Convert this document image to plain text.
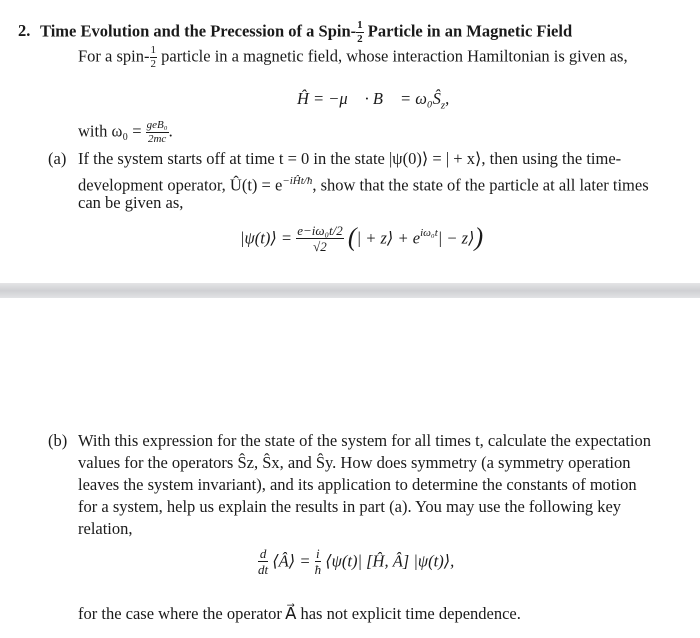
2. Time Evolution and the Precession of a Spin- $\frac{1}{2}$ Particle in an Magnetic Field
For a spin- $\frac{1}{2}$ particle in a magnetic field, whose interaction Hamiltonian is given as,
Ĥ = −μ⃗ · B⃗ = $\omega_0Ŝ_z$,
with $\omega_0 = \frac{\text{geB₀}}{2mc}$ .
(a) If the system starts off at time t = 0 in the state |ψ(0)⟩ = | + x⟩, then using the time-
development operator, Û(t) = $e^{-iĤt/ħ}$, show that the state of the particle at all later times
can be given as,
|ψ(t)⟩ = $\frac{\text{e−iω₀t/2}}{√2}$ (| + z⟩ + $e^{i\omega_0t}|$ − z⟩)
(b) With this expression for the state of the system for all times t, calculate the expectation
values for the operators Ŝz, Ŝx, and Ŝy. How does symmetry (a symmetry operation
leaves the system invariant), and its application to determine the constants of motion
for a system, help us explain the results in part (a). You may use the following key
relation,
$\frac{d}{dt}$ ⟨Â⟩ = $\frac{i}{ħ}$ ⟨ψ(t)| [Ĥ, Â] |ψ(t)⟩,
for the case where the operator A⃗ has not explicit time dependence.
